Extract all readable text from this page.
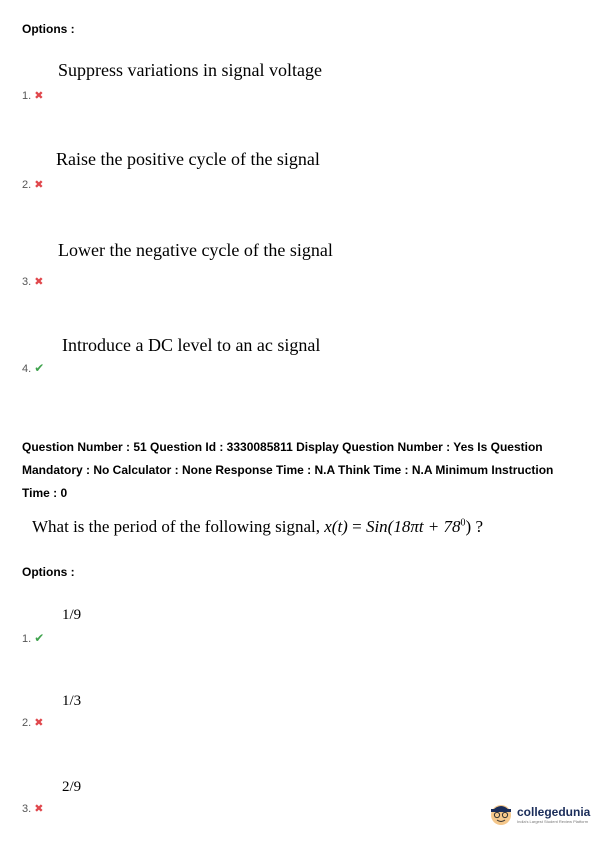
Options :
Suppress variations in signal voltage
1. ✖
Raise the positive cycle of the signal
2. ✖
Lower the negative cycle of the signal
3. ✖
Introduce a DC level to an ac signal
4. ✔
Question Number : 51 Question Id : 3330085811 Display Question Number : Yes Is Question Mandatory : No Calculator : None Response Time : N.A Think Time : N.A Minimum Instruction Time : 0
What is the period of the following signal, $x(t) = Sin(18\pi t + 78^0)$ ?
Options :
1/9
1. ✔
1/3
2. ✖
2/9
3. ✖	collegedunia
India's Largest Student Review Platform
